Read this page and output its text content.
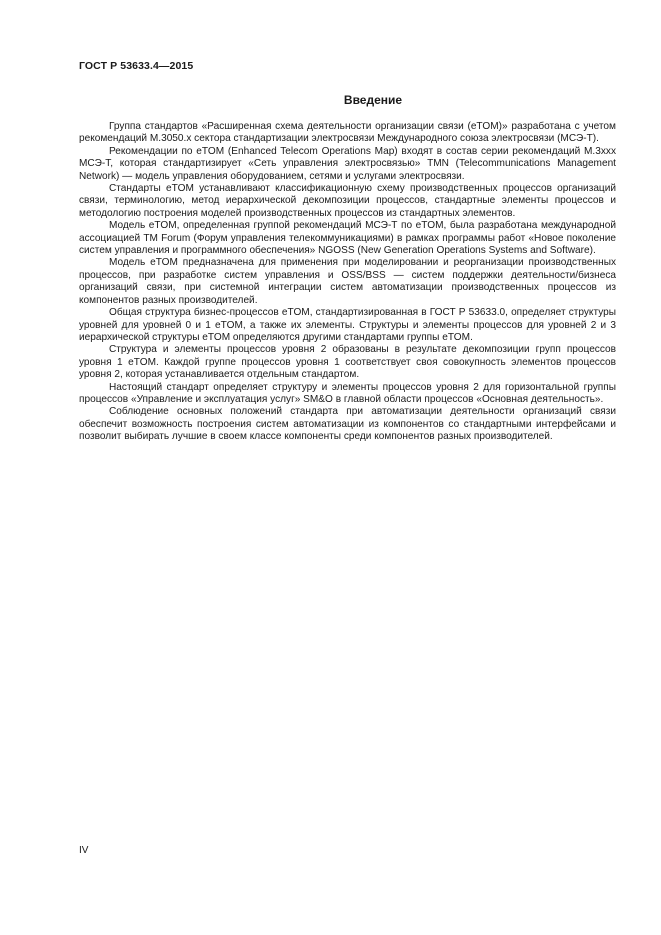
ГОСТ Р 53633.4—2015
Введение

Группа стандартов «Расширенная схема деятельности организации связи (eTOM)» разработана с учетом рекомендаций М.3050.х сектора стандартизации электросвязи Международного союза электросвязи (МСЭ-Т).

Рекомендации по eTOM (Enhanced Telecom Operations Map) входят в состав серии рекомендаций М.3ххх МСЭ-Т, которая стандартизирует «Сеть управления электросвязью» TMN (Telecommunications Management Network) — модель управления оборудованием, сетями и услугами электросвязи.

Стандарты eTOM устанавливают классификационную схему производственных процессов организаций связи, терминологию, метод иерархической декомпозиции процессов, стандартные элементы процессов и методологию построения моделей производственных процессов из стандартных элементов.

Модель eTOM, определенная группой рекомендаций МСЭ-Т по eTOM, была разработана международной ассоциацией TM Forum (Форум управления телекоммуникациями) в рамках программы работ «Новое поколение систем управления и программного обеспечения» NGOSS (New Generation Operations Systems and Software).

Модель eTOM предназначена для применения при моделировании и реорганизации производственных процессов, при разработке систем управления и OSS/BSS — систем поддержки деятельности/бизнеса организаций связи, при системной интеграции систем автоматизации производственных процессов из компонентов разных производителей.

Общая структура бизнес-процессов eTOM, стандартизированная в ГОСТ Р 53633.0, определяет структуры уровней для уровней 0 и 1 eTOM, а также их элементы. Структуры и элементы процессов для уровней 2 и 3 иерархической структуры eTOM определяются другими стандартами группы eTOM.

Структура и элементы процессов уровня 2 образованы в результате декомпозиции групп процессов уровня 1 eTOM. Каждой группе процессов уровня 1 соответствует своя совокупность элементов процессов уровня 2, которая устанавливается отдельным стандартом.

Настоящий стандарт определяет структуру и элементы процессов уровня 2 для горизонтальной группы процессов «Управление и эксплуатация услуг» SM&O в главной области процессов «Основная деятельность».

Соблюдение основных положений стандарта при автоматизации деятельности организаций связи обеспечит возможность построения систем автоматизации из компонентов со стандартными интерфейсами и позволит выбирать лучшие в своем классе компоненты среди компонентов разных производителей.

IV
